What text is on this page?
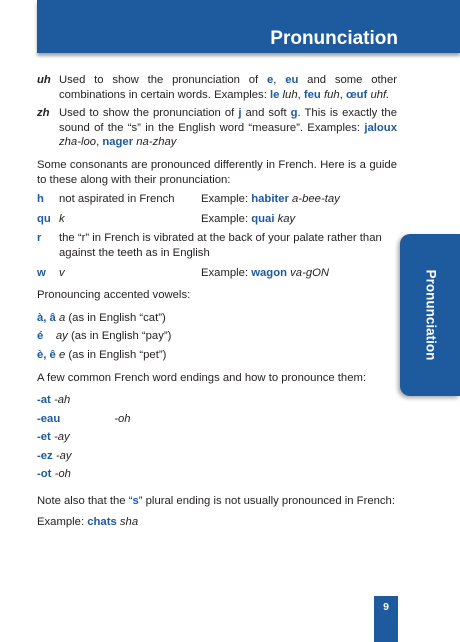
Pronunciation
uh Used to show the pronunciation of e, eu and some other combinations in certain words. Examples: le luh, feu fuh, œuf uhf.
zh Used to show the pronunciation of j and soft g. This is exactly the sound of the “s” in the English word “measure”. Examples: jaloux zha-loo, nager na-zhay

Some consonants are pronounced differently in French. Here is a guide to these along with their pronunciation:

h	not aspirated in French	Example: habiter a-bee-tay
qu k	Example: quai kay
r	the “r” in French is vibrated at the back of your palate rather than against the teeth as in English
w	v	Example: wagon va-gON

Pronouncing accented vowels:

à, â a (as in English “cat”)
é ay (as in English “pay”)
è, ê e (as in English “pet”)

A few common French word endings and how to pronounce them:

-at -ah
-eau	-oh
-et -ay
-ez -ay
-ot -oh

Note also that the “s” plural ending is not usually pronounced in French:

Example: chats sha

Pronunciation
9
